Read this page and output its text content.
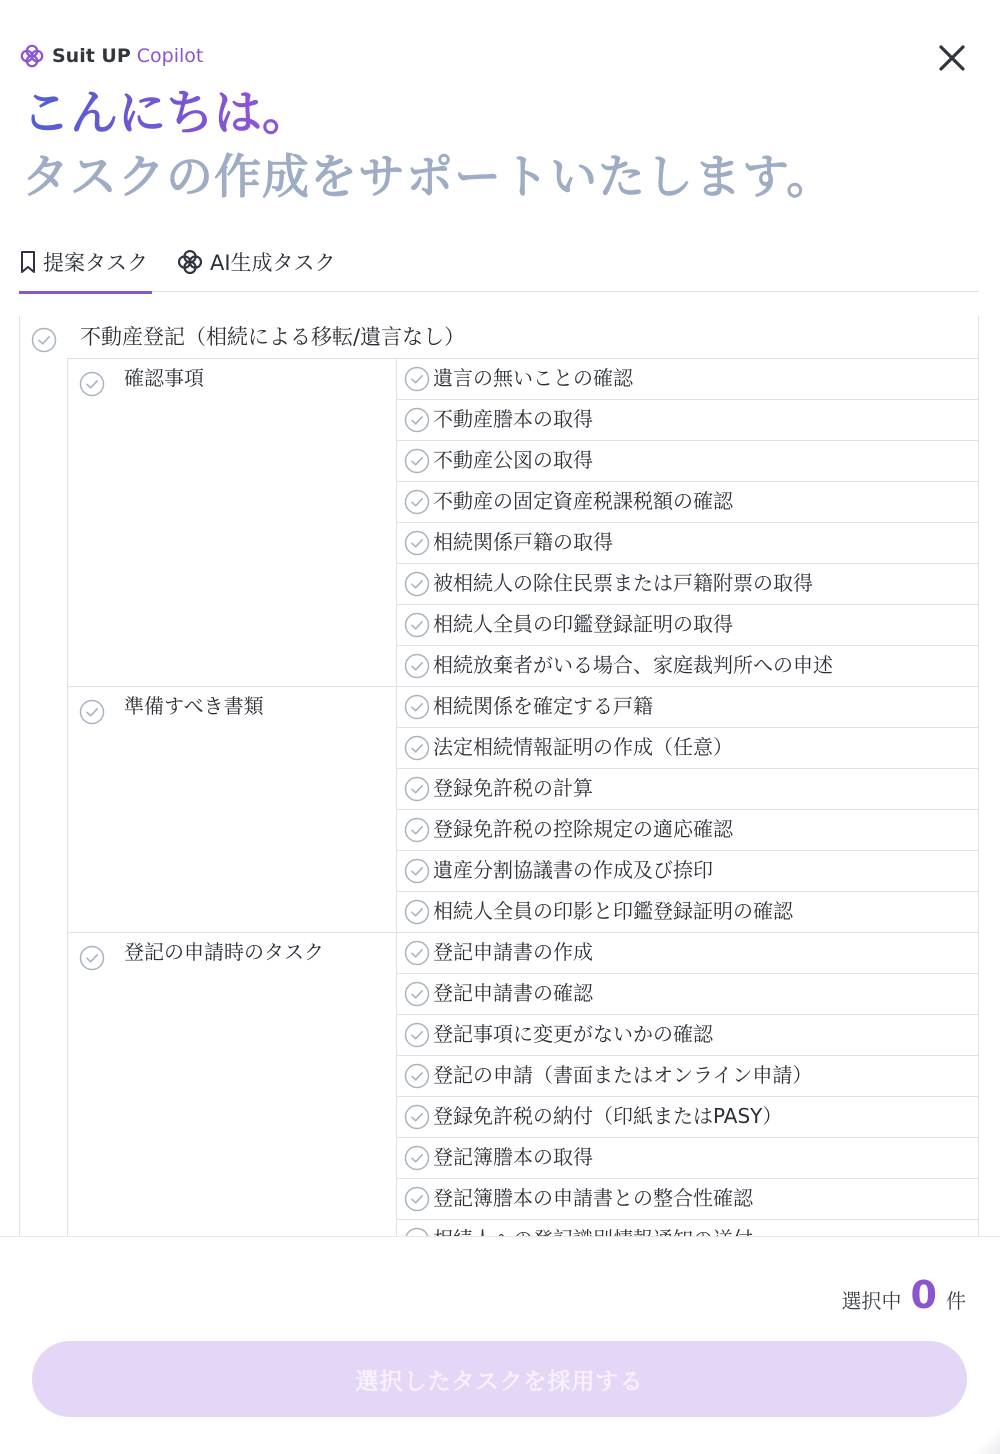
Suit UP Copilot
こんにちは。
タスクの作成をサポートいたします。
提案タスク	AI生成タスク
不動産登記（相続による移転/遺言なし）
確認事項	遺言の無いことの確認
不動産謄本の取得
不動産公図の取得
不動産の固定資産税課税額の確認
相続関係戸籍の取得
被相続人の除住民票または戸籍附票の取得
相続人全員の印鑑登録証明の取得
相続放棄者がいる場合、家庭裁判所への申述
準備すべき書類	相続関係を確定する戸籍
法定相続情報証明の作成（任意）
登録免許税の計算
登録免許税の控除規定の適応確認
遺産分割協議書の作成及び捺印
相続人全員の印影と印鑑登録証明の確認
登記の申請時のタスク	登記申請書の作成
登記申請書の確認
登記事項に変更がないかの確認
登記の申請（書面またはオンライン申請）
登録免許税の納付（印紙またはPASY）
登記簿謄本の取得
登記簿謄本の申請書との整合性確認
選択中 0 件
選択したタスクを採用する
